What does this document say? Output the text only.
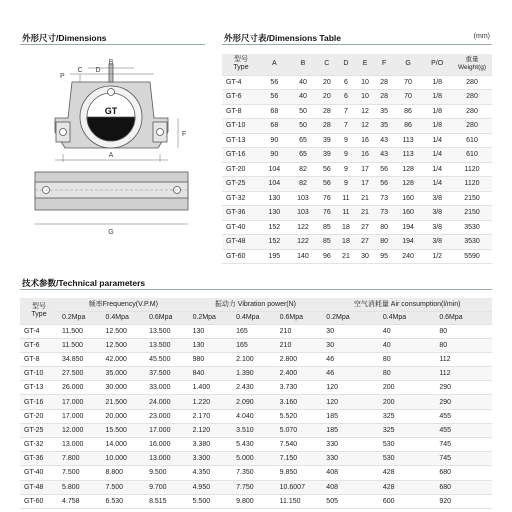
外形尺寸/Dimensions
GT
B
P
C D
F
A
G
外形尺寸表/Dimensions Table	(mm)
型号
Type	A	B	C	D	E	F	G	P/O	重量
Weight(g)
GT-4	56	40	20	6	10	28	70	1/8	280
GT-6	56	40	20	6	10	28	70	1/8	280
GT-8	68	50	28	7	12	35	86	1/8	280
GT-10	68	50	28	7	12	35	86	1/8	280
GT-13	90	65	39	9	16	43	113	1/4	610
GT-16	90	65	39	9	16	43	113	1/4	610
GT-20	104	82	56	9	17	56	128	1/4	1120
GT-25	104	82	56	9	17	56	128	1/4	1120
GT-32	130	103	76	11	21	73	160	3/8	2150
GT-36	130	103	76	11	21	73	160	3/8	2150
GT-40	152	122	85	18	27	80	194	3/8	3530
GT-48	152	122	85	18	27	80	194	3/8	3530
GT-60	195	140	96	21	30	95	240	1/2	5590
技术参数/Technical parameters
型号
Type	频率Frequency(V.P.M)			振动力 Vibration power(N)			空气消耗量 Air consumption(l/min)		
	0.2Mpa	0.4Mpa	0.6Mpa	0.2Mpa	0.4Mpa	0.6Mpa	0.2Mpa	0.4Mpa	0.6Mpa
GT-4	11.500	12.500	13.500	130	165	210	30	40	80
GT-6	11.500	12.500	13.500	130	165	210	30	40	80
GT-8	34.850	42.000	45.500	980	2.100	2.800	46	80	112
GT-10	27.500	35.000	37.500	840	1.390	2.400	46	80	112
GT-13	26.000	30.000	33.000	1.400	2.430	3.730	120	200	290
GT-16	17.000	21.500	24.000	1.220	2.090	3.160	120	200	290
GT-20	17.000	20.000	23.000	2.170	4.040	5.520	185	325	455
GT-25	12.000	15.500	17.000	2.120	3.510	5.070	185	325	455
GT-32	13.000	14.000	16.000	3.380	5.430	7.540	330	530	745
GT-36	7.800	10.000	13.000	3.300	5.000	7.150	330	530	745
GT-40	7.500	8.800	9.500	4.350	7.350	9.850	408	428	680
GT-48	5.800	7.500	9.700	4.950	7.750	10.6007	408	428	680
GT-60	4.758	6.530	8.515	5.500	9.800	11.150	505	600	920
